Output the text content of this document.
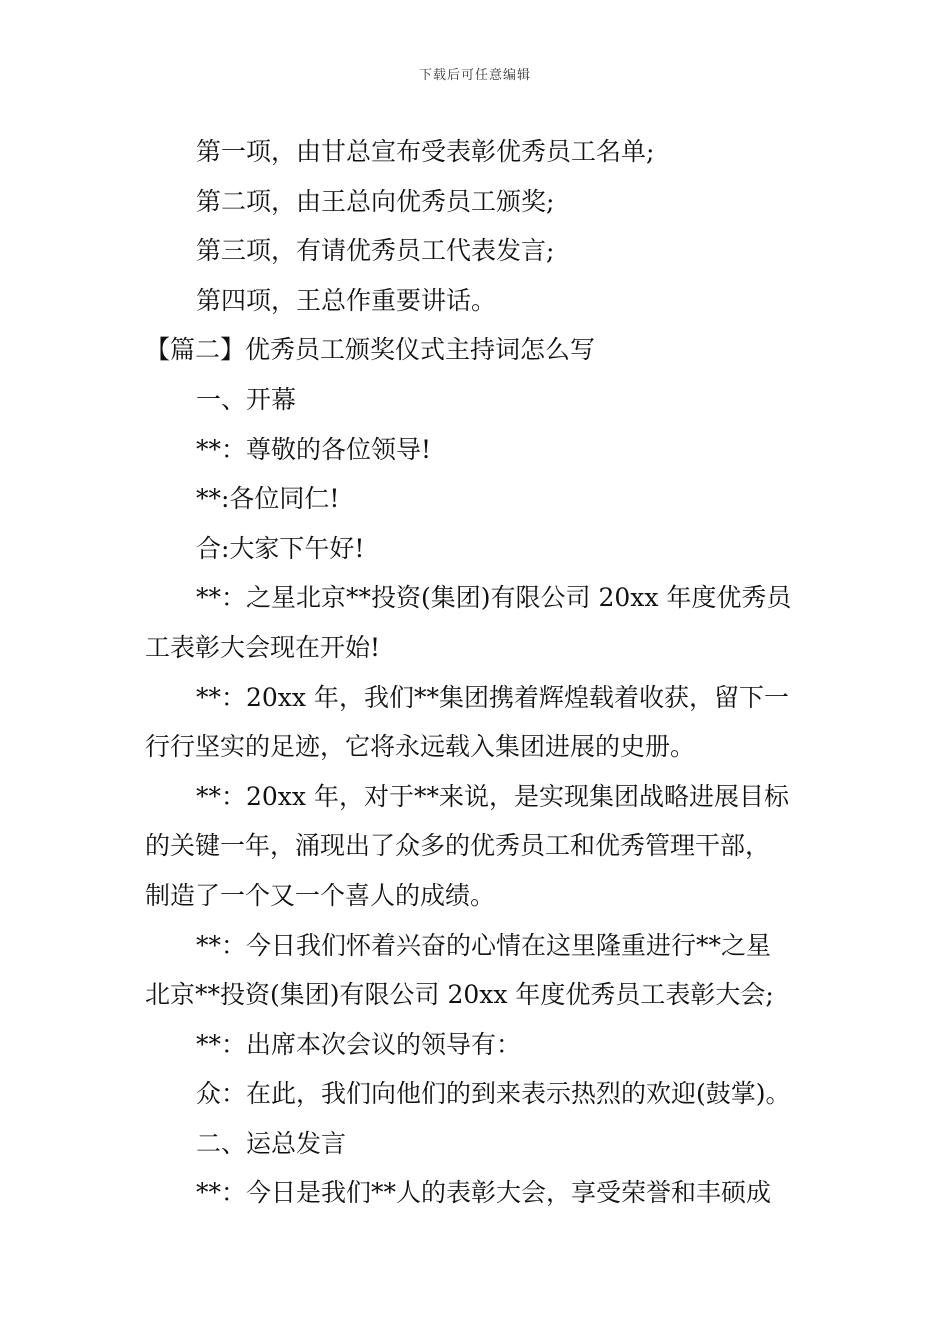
下载后可任意编辑

第一项，由甘总宣布受表彰优秀员工名单;

第二项，由王总向优秀员工颁奖;

第三项，有请优秀员工代表发言;

第四项，王总作重要讲话。

【篇二】优秀员工颁奖仪式主持词怎么写

一、开幕

**：尊敬的各位领导!

**:各位同仁!

合:大家下午好!

**：之星北京**投资(集团)有限公司 20xx 年度优秀员

工表彰大会现在开始!

**：20xx 年，我们**集团携着辉煌载着收获，留下一

行行坚实的足迹，它将永远载入集团进展的史册。

**：20xx 年，对于**来说，是实现集团战略进展目标

的关键一年，涌现出了众多的优秀员工和优秀管理干部，

制造了一个又一个喜人的成绩。

**：今日我们怀着兴奋的心情在这里隆重进行**之星

北京**投资(集团)有限公司 20xx 年度优秀员工表彰大会;

**：出席本次会议的领导有：

众：在此，我们向他们的到来表示热烈的欢迎(鼓掌)。

二、运总发言

**：今日是我们**人的表彰大会，享受荣誉和丰硕成
